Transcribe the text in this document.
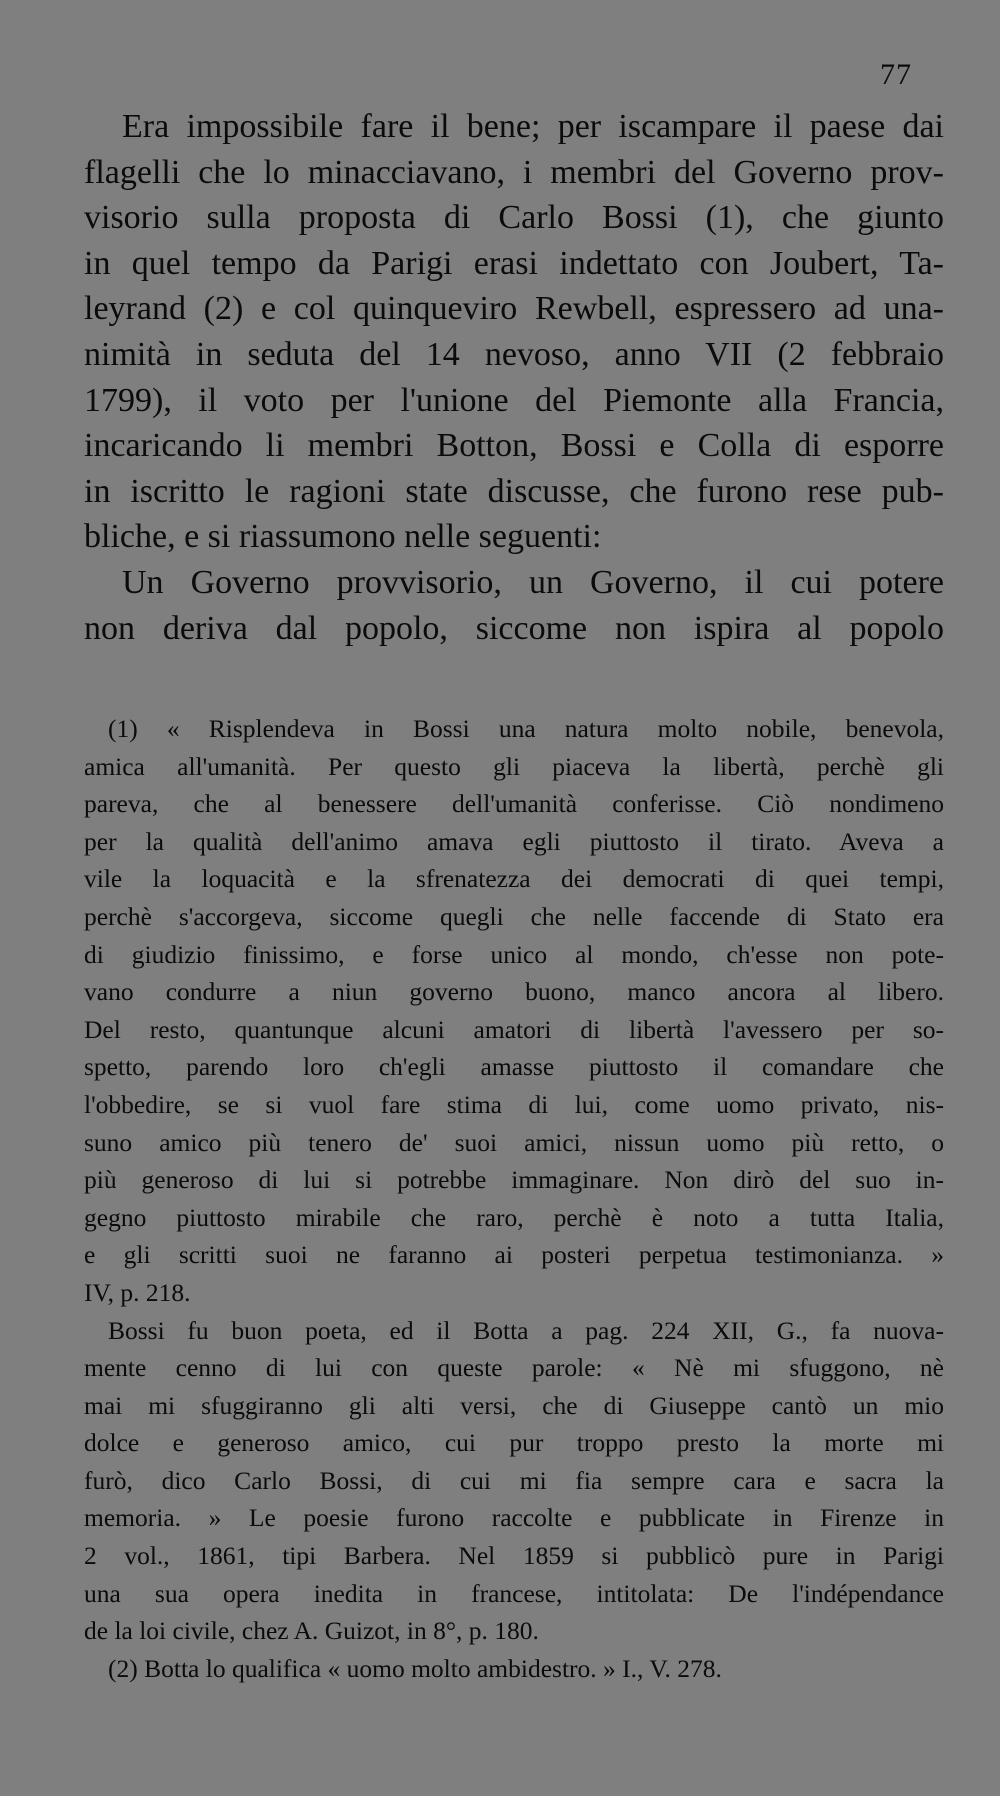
77
Era impossibile fare il bene; per iscampare il paese dai
flagelli che lo minacciavano, i membri del Governo prov-
visorio sulla proposta di Carlo Bossi (1), che giunto
in quel tempo da Parigi erasi indettato con Joubert, Ta-
leyrand (2) e col quinqueviro Rewbell, espressero ad una-
nimità in seduta del 14 nevoso, anno VII (2 febbraio
1799), il voto per l'unione del Piemonte alla Francia,
incaricando li membri Botton, Bossi e Colla di esporre
in iscritto le ragioni state discusse, che furono rese pub-
bliche, e si riassumono nelle seguenti:
Un Governo provvisorio, un Governo, il cui potere
non deriva dal popolo, siccome non ispira al popolo
(1) « Risplendeva in Bossi una natura molto nobile, benevola,
amica all'umanità. Per questo gli piaceva la libertà, perchè gli
pareva, che al benessere dell'umanità conferisse. Ciò nondimeno
per la qualità dell'animo amava egli piuttosto il tirato. Aveva a
vile la loquacità e la sfrenatezza dei democrati di quei tempi,
perchè s'accorgeva, siccome quegli che nelle faccende di Stato era
di giudizio finissimo, e forse unico al mondo, ch'esse non pote-
vano condurre a niun governo buono, manco ancora al libero.
Del resto, quantunque alcuni amatori di libertà l'avessero per so-
spetto, parendo loro ch'egli amasse piuttosto il comandare che
l'obbedire, se si vuol fare stima di lui, come uomo privato, nis-
suno amico più tenero de' suoi amici, nissun uomo più retto, o
più generoso di lui si potrebbe immaginare. Non dirò del suo in-
gegno piuttosto mirabile che raro, perchè è noto a tutta Italia,
e gli scritti suoi ne faranno ai posteri perpetua testimonianza. »
IV, p. 218.
Bossi fu buon poeta, ed il Botta a pag. 224 XII, G., fa nuova-
mente cenno di lui con queste parole: « Nè mi sfuggono, nè
mai mi sfuggiranno gli alti versi, che di Giuseppe cantò un mio
dolce e generoso amico, cui pur troppo presto la morte mi
furò, dico Carlo Bossi, di cui mi fia sempre cara e sacra la
memoria. » Le poesie furono raccolte e pubblicate in Firenze in
2 vol., 1861, tipi Barbera. Nel 1859 si pubblicò pure in Parigi
una sua opera inedita in francese, intitolata: De l'indépendance
de la loi civile, chez A. Guizot, in 8°, p. 180.
(2) Botta lo qualifica « uomo molto ambidestro. » I., V. 278.
